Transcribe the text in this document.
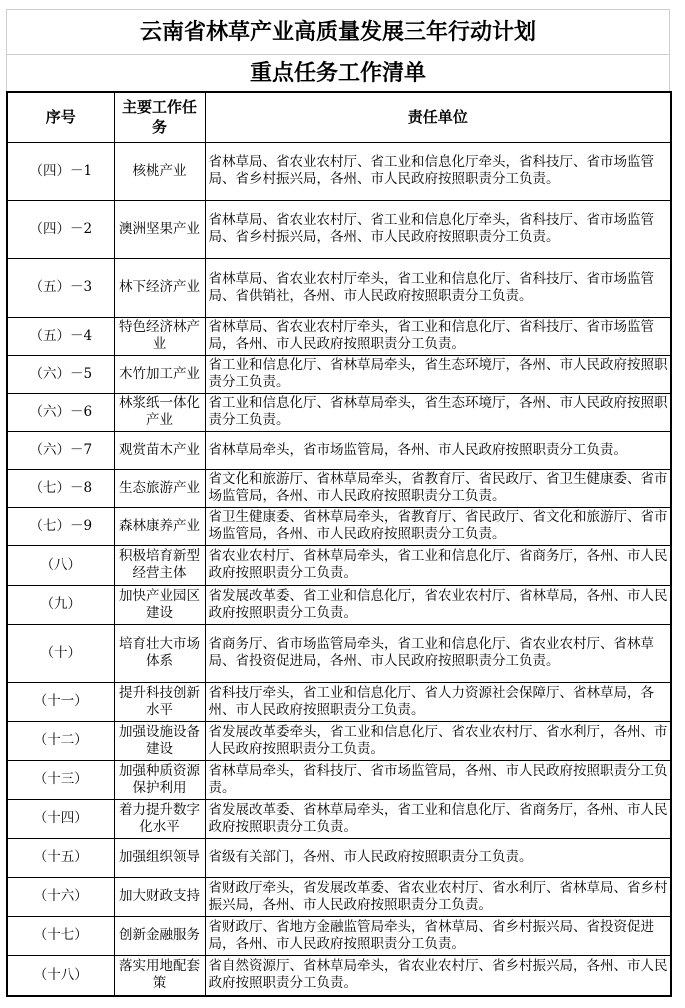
云南省林草产业高质量发展三年行动计划
重点任务工作清单
序号	主要工作任务	责任单位
（四）－1	核桃产业	省林草局、省农业农村厅、省工业和信息化厅牵头，省科技厅、省市场监管局、省乡村振兴局，各州、市人民政府按照职责分工负责。
（四）－2	澳洲坚果产业	省林草局、省农业农村厅、省工业和信息化厅牵头，省科技厅、省市场监管局、省乡村振兴局，各州、市人民政府按照职责分工负责。
（五）－3	林下经济产业	省林草局、省农业农村厅牵头，省工业和信息化厅、省科技厅、省市场监管局、省供销社，各州、市人民政府按照职责分工负责。
（五）－4	特色经济林产业	省林草局、省农业农村厅牵头，省工业和信息化厅、省科技厅、省市场监管局，各州、市人民政府按照职责分工负责。
（六）－5	木竹加工产业	省工业和信息化厅、省林草局牵头，省生态环境厅，各州、市人民政府按照职责分工负责。
（六）－6	林浆纸一体化产业	省工业和信息化厅、省林草局牵头，省生态环境厅，各州、市人民政府按照职责分工负责。
（六）－7	观赏苗木产业	省林草局牵头，省市场监管局，各州、市人民政府按照职责分工负责。
（七）－8	生态旅游产业	省文化和旅游厅、省林草局牵头，省教育厅、省民政厅、省卫生健康委、省市场监管局，各州、市人民政府按照职责分工负责。
（七）－9	森林康养产业	省卫生健康委、省林草局牵头，省教育厅、省民政厅、省文化和旅游厅、省市场监管局，各州、市人民政府按照职责分工负责。
（八）	积极培育新型经营主体	省农业农村厅、省林草局牵头，省工业和信息化厅、省商务厅，各州、市人民政府按照职责分工负责。
（九）	加快产业园区建设	省发展改革委、省工业和信息化厅，省农业农村厅、省林草局，各州、市人民政府按照职责分工负责。
（十）	培育壮大市场体系	省商务厅、省市场监管局牵头，省工业和信息化厅、省农业农村厅、省林草局、省投资促进局，各州、市人民政府按照职责分工负责。
（十一）	提升科技创新水平	省科技厅牵头，省工业和信息化厅、省人力资源社会保障厅、省林草局，各州、市人民政府按照职责分工负责。
（十二）	加强设施设备建设	省发展改革委牵头，省工业和信息化厅、省农业农村厅、省水利厅，各州、市人民政府按照职责分工负责。
（十三）	加强种质资源保护利用	省林草局牵头，省科技厅、省市场监管局，各州、市人民政府按照职责分工负责。
（十四）	着力提升数字化水平	省发展改革委、省林草局牵头，省工业和信息化厅、省商务厅，各州、市人民政府按照职责分工负责。
（十五）	加强组织领导	省级有关部门，各州、市人民政府按照职责分工负责。
（十六）	加大财政支持	省财政厅牵头，省发展改革委、省农业农村厅、省水利厅、省林草局、省乡村振兴局，各州、市人民政府按照职责分工负责。
（十七）	创新金融服务	省财政厅、省地方金融监管局牵头，省林草局、省乡村振兴局、省投资促进局，各州、市人民政府按照职责分工负责。
（十八）	落实用地配套策	省自然资源厅、省林草局牵头，省农业农村厅、省乡村振兴局，各州、市人民政府按照职责分工负责。
